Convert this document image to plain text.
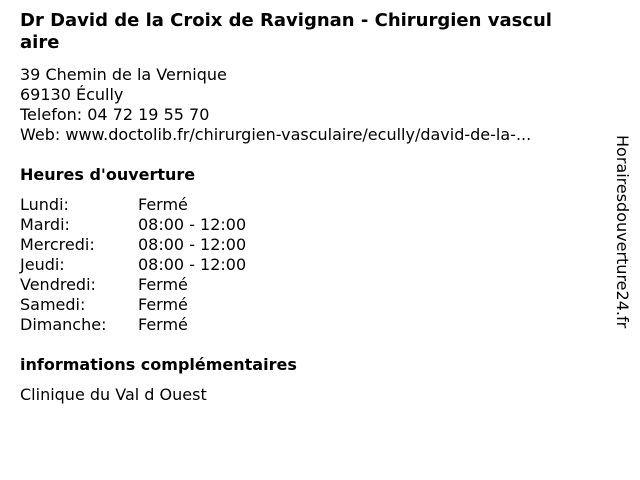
Dr David de la Croix de Ravignan - Chirurgien vasculaire
39 Chemin de la Vernique
69130 Écully
Telefon: 04 72 19 55 70
Web: www.doctolib.fr/chirurgien-vasculaire/ecully/david-de-la-...
Heures d'ouverture
Lundi:	Fermé
Mardi:	08:00 - 12:00
Mercredi:	08:00 - 12:00
Jeudi:	08:00 - 12:00
Vendredi:	Fermé
Samedi:	Fermé
Dimanche: Fermé
informations complémentaires
Clinique du Val d Ouest
Horairesdouverture24.fr
